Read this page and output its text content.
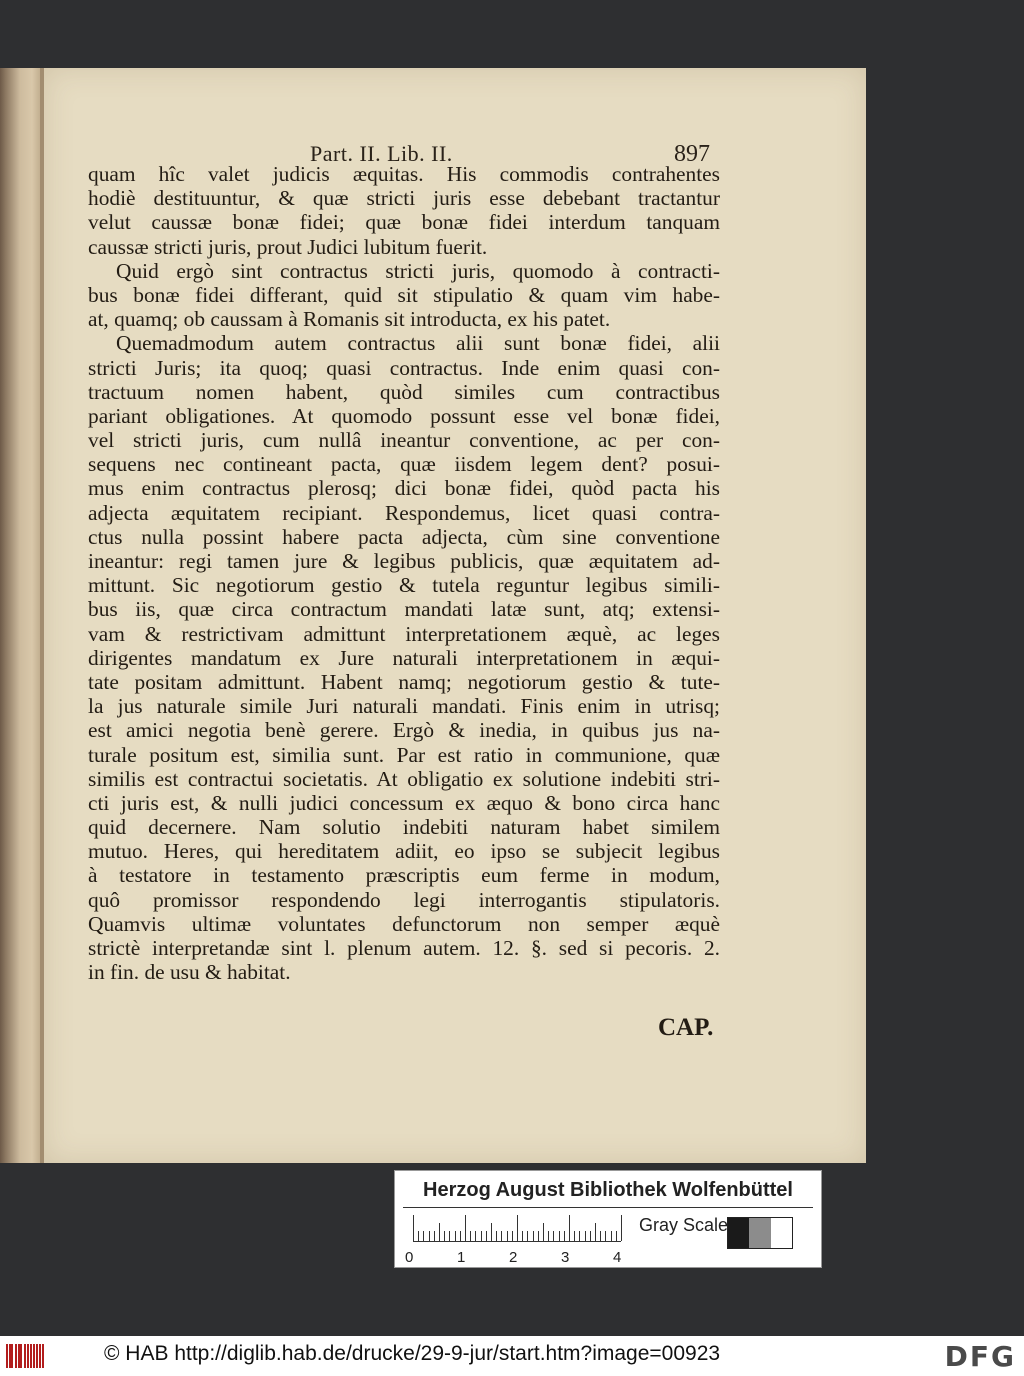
Part. II. Lib. II.	897
quam hîc valet judicis æquitas. His commodis contrahentes
hodiè destituuntur, & quæ stricti juris esse debebant tractantur
velut caussæ bonæ fidei; quæ bonæ fidei interdum tanquam
caussæ stricti juris, prout Judici lubitum fuerit.
Quid ergò sint contractus stricti juris, quomodo à contracti-
bus bonæ fidei differant, quid sit stipulatio & quam vim habe-
at, quamq; ob caussam à Romanis sit introducta, ex his patet.
Quemadmodum autem contractus alii sunt bonæ fidei, alii
stricti Juris; ita quoq; quasi contractus. Inde enim quasi con-
tractuum nomen habent, quòd similes cum contractibus
pariant obligationes. At quomodo possunt esse vel bonæ fidei,
vel stricti juris, cum nullâ ineantur conventione, ac per con-
sequens nec contineant pacta, quæ iisdem legem dent? posui-
mus enim contractus plerosq; dici bonæ fidei, quòd pacta his
adjecta æquitatem recipiant. Respondemus, licet quasi contra-
ctus nulla possint habere pacta adjecta, cùm sine conventione
ineantur: regi tamen jure & legibus publicis, quæ æquitatem ad-
mittunt. Sic negotiorum gestio & tutela reguntur legibus simili-
bus iis, quæ circa contractum mandati latæ sunt, atq; extensi-
vam & restrictivam admittunt interpretationem æquè, ac leges
dirigentes mandatum ex Jure naturali interpretationem in æqui-
tate positam admittunt. Habent namq; negotiorum gestio & tute-
la jus naturale simile Juri naturali mandati. Finis enim in utrisq;
est amici negotia benè gerere. Ergò & inedia, in quibus jus na-
turale positum est, similia sunt. Par est ratio in communione, quæ
similis est contractui societatis. At obligatio ex solutione indebiti stri-
cti juris est, & nulli judici concessum ex æquo & bono circa hanc
quid decernere. Nam solutio indebiti naturam habet similem
mutuo. Heres, qui hereditatem adiit, eo ipso se subjecit legibus
à testatore in testamento præscriptis eum ferme in modum,
quô promissor respondendo legi interrogantis stipulatoris.
Quamvis ultimæ voluntates defunctorum non semper æquè
strictè interpretandæ sint l. plenum autem. 12. §. sed si pecoris. 2.
in fin. de usu & habitat.
CAP.
Herzog August Bibliothek Wolfenbüttel
0	1	2	3	4
Gray Scale
© HAB http://diglib.hab.de/drucke/29-9-jur/start.htm?image=00923	DFG
